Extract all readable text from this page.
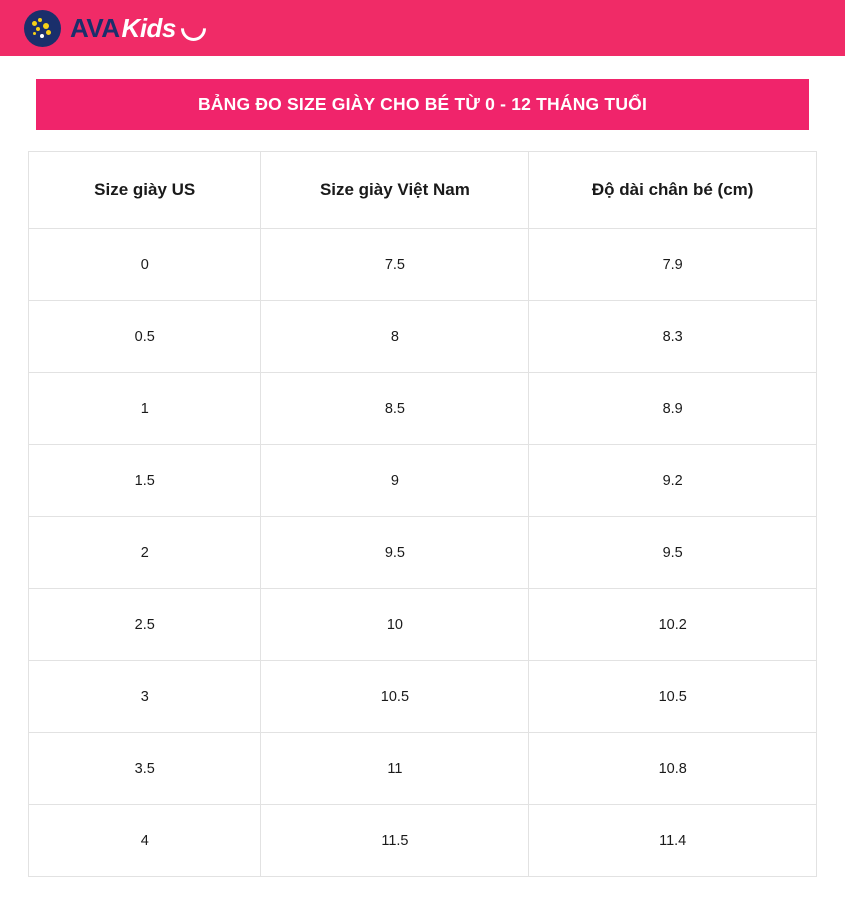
AVA Kids
BẢNG ĐO SIZE GIÀY CHO BÉ TỪ 0 - 12 THÁNG TUỔI
Size giày US	Size giày Việt Nam	Độ dài chân bé (cm)
0	7.5	7.9
0.5	8	8.3
1	8.5	8.9
1.5	9	9.2
2	9.5	9.5
2.5	10	10.2
3	10.5	10.5
3.5	11	10.8
4	11.5	11.4
